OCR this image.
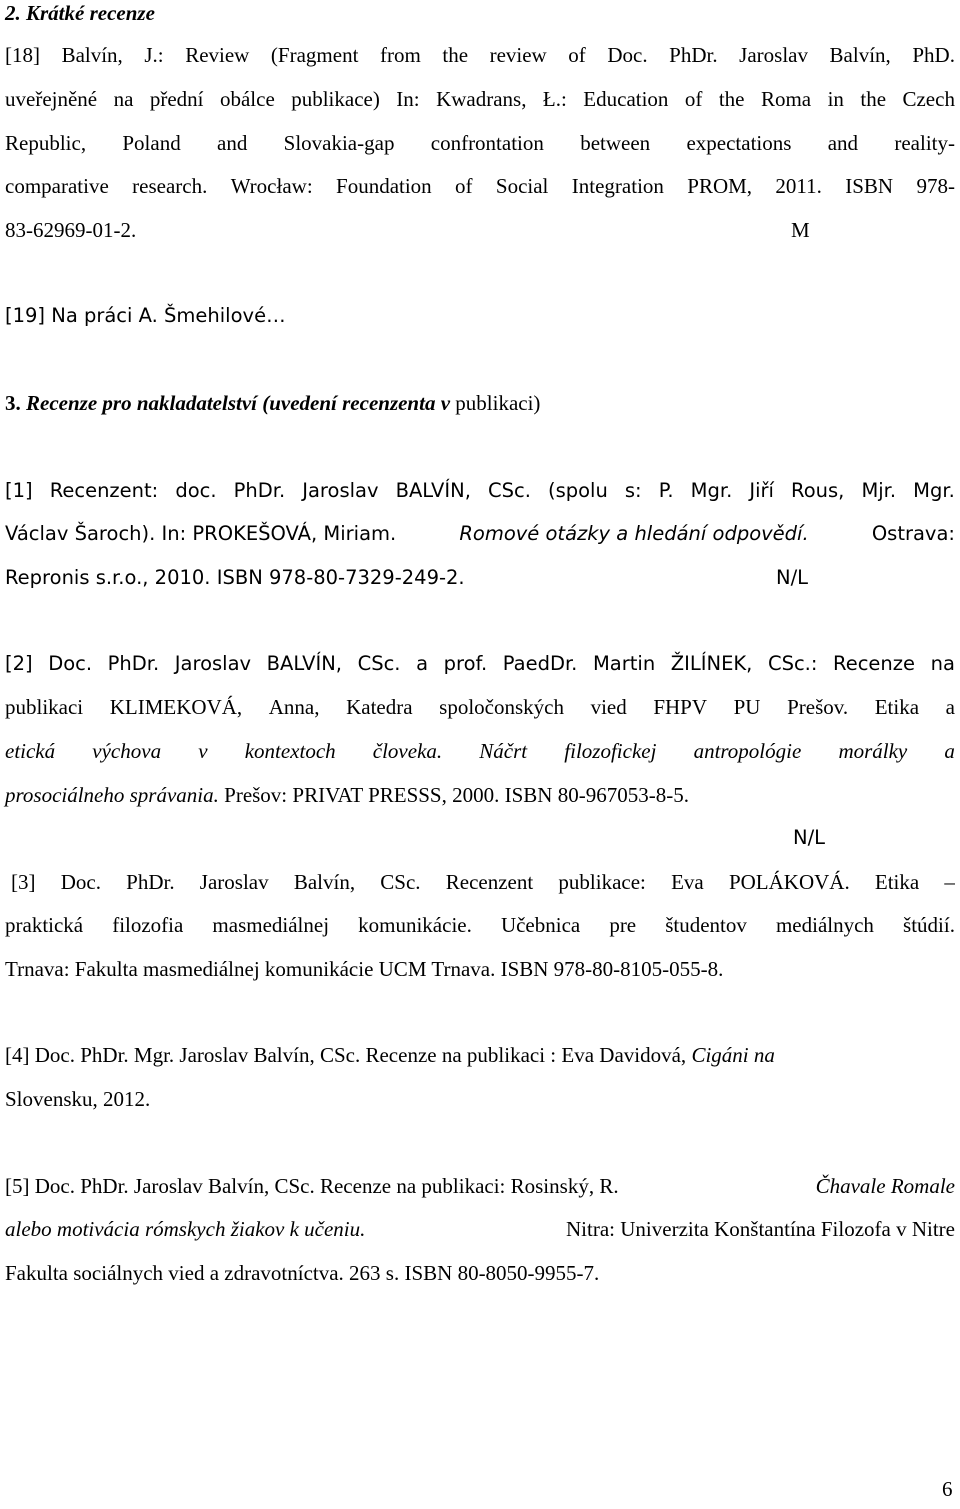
2. Krátké recenze
[18] Balvín, J.: Review (Fragment from the review of Doc. PhDr. Jaroslav Balvín, PhD.
uveřejněné na přední obálce publikace) In: Kwadrans, Ł.: Education of the Roma in the Czech
Republic, Poland and Slovakia-gap confrontation between expectations and reality-
comparative research. Wrocław: Foundation of Social Integration PROM, 2011. ISBN 978-
83-62969-01-2.	M
[19] Na práci A. Šmehilové…
3. Recenze pro nakladatelství (uvedení recenzenta v publikaci)
[1] Recenzent: doc. PhDr. Jaroslav BALVÍN, CSc. (spolu s: P. Mgr. Jiří Rous, Mjr. Mgr.
Václav Šaroch). In: PROKEŠOVÁ, Miriam.	Romové otázky a hledání odpovědí.	Ostrava:
Repronis s.r.o., 2010. ISBN 978-80-7329-249-2.	N/L
[2] Doc. PhDr. Jaroslav BALVÍN, CSc. a prof. PaedDr. Martin ŽILÍNEK, CSc.: Recenze na
publikaci KLIMEKOVÁ, Anna, Katedra spoločonských vied FHPV PU Prešov. Etika a
etická výchova v kontextoch človeka. Náčrt filozofickej antropológie morálky a
prosociálneho správania. Prešov: PRIVAT PRESSS, 2000. ISBN 80-967053-8-5.
N/L
[3] Doc. PhDr. Jaroslav Balvín, CSc. Recenzent publikace: Eva POLÁKOVÁ. Etika –
praktická filozofia masmediálnej komunikácie. Učebnica pre študentov mediálnych štúdií.
Trnava: Fakulta masmediálnej komunikácie UCM Trnava. ISBN 978-80-8105-055-8.
[4] Doc. PhDr. Mgr. Jaroslav Balvín, CSc. Recenze na publikaci : Eva Davidová, Cigáni na
Slovensku, 2012.
[5] Doc. PhDr. Jaroslav Balvín, CSc. Recenze na publikaci: Rosinský, R.	Čhavale Romale
alebo motivácia rómskych žiakov k učeniu.	Nitra: Univerzita Konštantína Filozofa v Nitre
Fakulta sociálnych vied a zdravotníctva. 263 s. ISBN 80-8050-9955-7.
6
